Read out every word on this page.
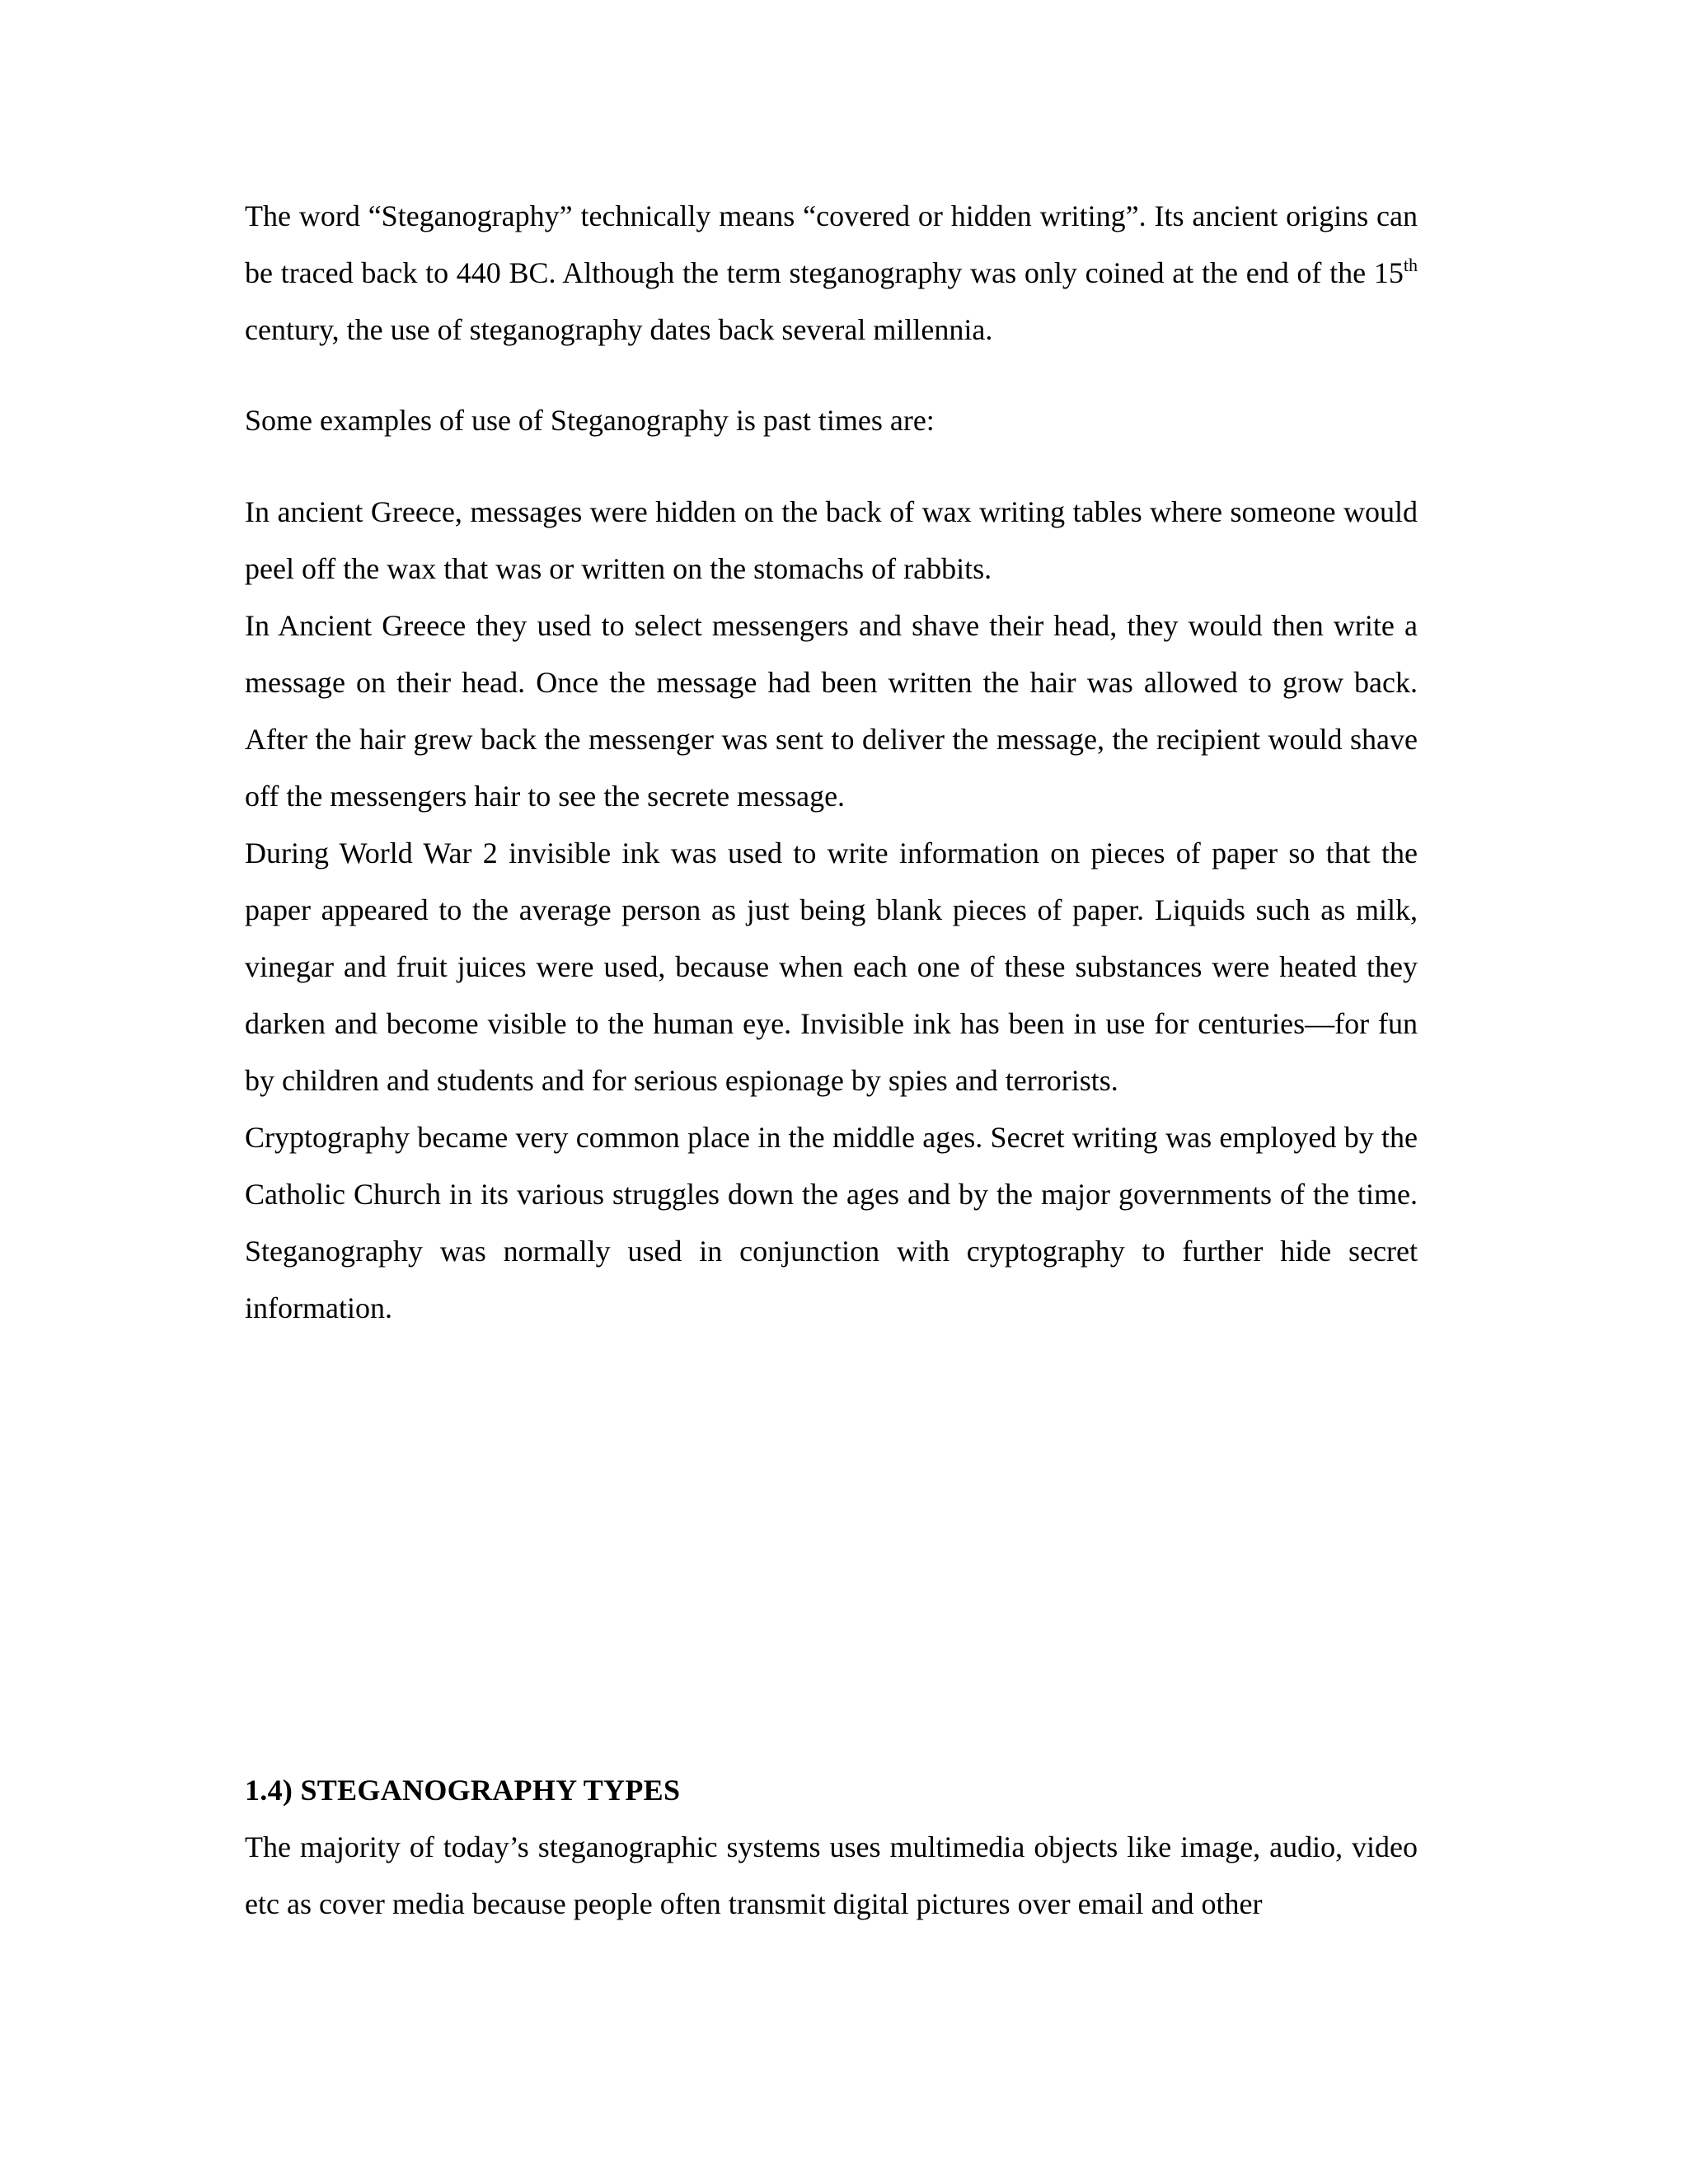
The word “Steganography” technically means “covered or hidden writing”. Its ancient origins can be traced back to 440 BC. Although the term steganography was only coined at the end of the 15th century, the use of steganography dates back several millennia.

Some examples of use of Steganography is past times are:

In ancient Greece, messages were hidden on the back of wax writing tables where someone would peel off the wax that was or written on the stomachs of rabbits.

In Ancient Greece they used to select messengers and shave their head, they would then write a message on their head. Once the message had been written the hair was allowed to grow back. After the hair grew back the messenger was sent to deliver the message, the recipient would shave off the messengers hair to see the secrete message.

During World War 2 invisible ink was used to write information on pieces of paper so that the paper appeared to the average person as just being blank pieces of paper. Liquids such as milk, vinegar and fruit juices were used, because when each one of these substances were heated they darken and become visible to the human eye. Invisible ink has been in use for centuries—for fun by children and students and for serious espionage by spies and terrorists.

Cryptography became very common place in the middle ages. Secret writing was employed by the Catholic Church in its various struggles down the ages and by the major governments of the time. Steganography was normally used in conjunction with cryptography to further hide secret information.

1.4) STEGANOGRAPHY TYPES

The majority of today’s steganographic systems uses multimedia objects like image, audio, video etc as cover media because people often transmit digital pictures over email and other
